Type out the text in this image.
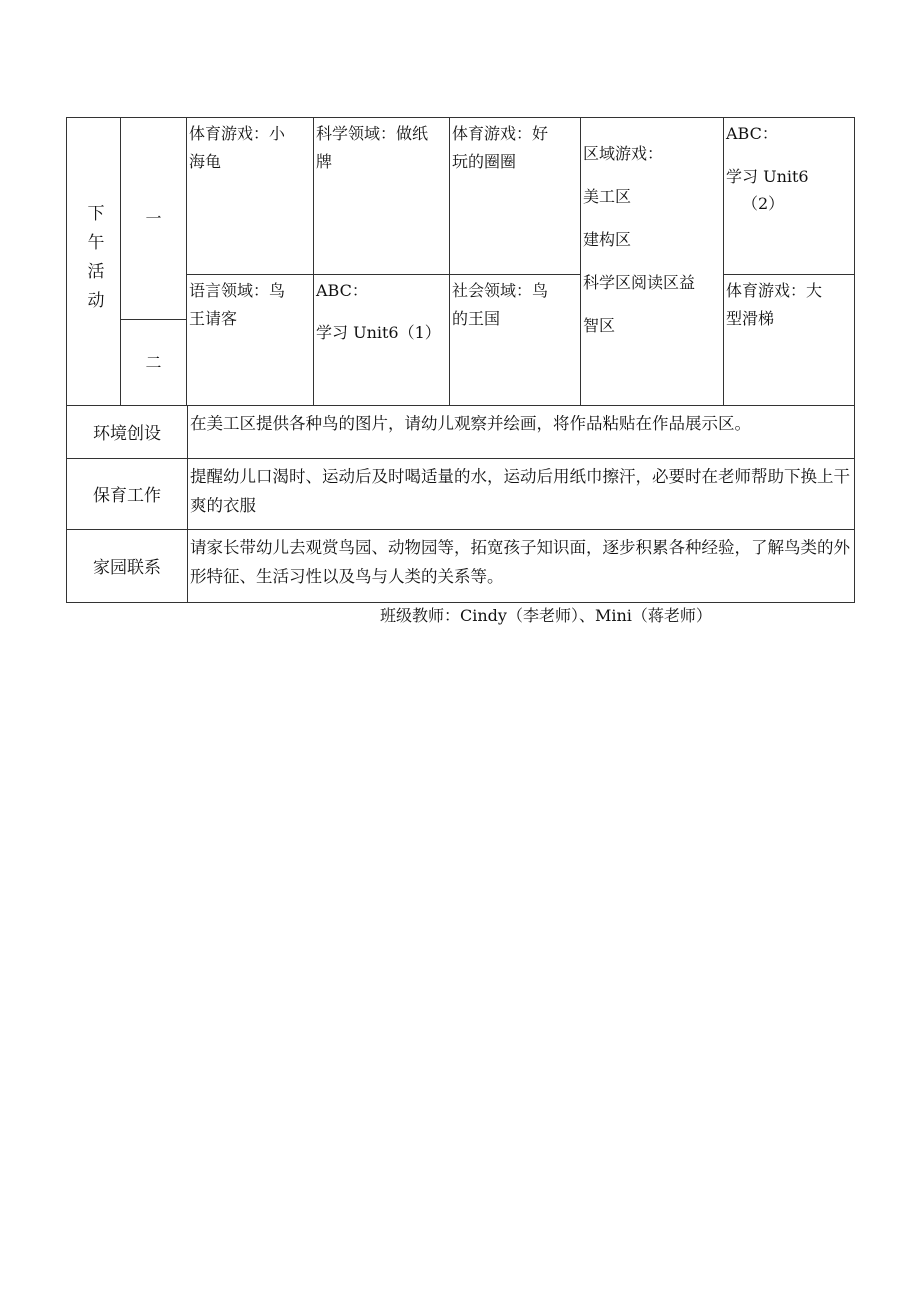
下午活动	一
二
体育游戏：小
海龟
科学领域：做纸
牌
体育游戏：好
玩的圈圈	区域游戏：
美工区
建构区
科学区阅读区益
智区
ABC：
学习 Unit6
（2）
语言领域：鸟
王请客
ABC：
学习 Unit6（1）
社会领域：鸟
的王国
体育游戏：大
型滑梯
环境创设
在美工区提供各种鸟的图片，请幼儿观察并绘画，将作品粘贴在作品展示区。
保育工作
提醒幼儿口渴时、运动后及时喝适量的水，运动后用纸巾擦汗，必要时在老师帮助下换上干爽的衣服
家园联系
请家长带幼儿去观赏鸟园、动物园等，拓宽孩子知识面，逐步积累各种经验，了解鸟类的外形特征、生活习性以及鸟与人类的关系等。
班级教师：Cindy（李老师）、Mini（蒋老师）
